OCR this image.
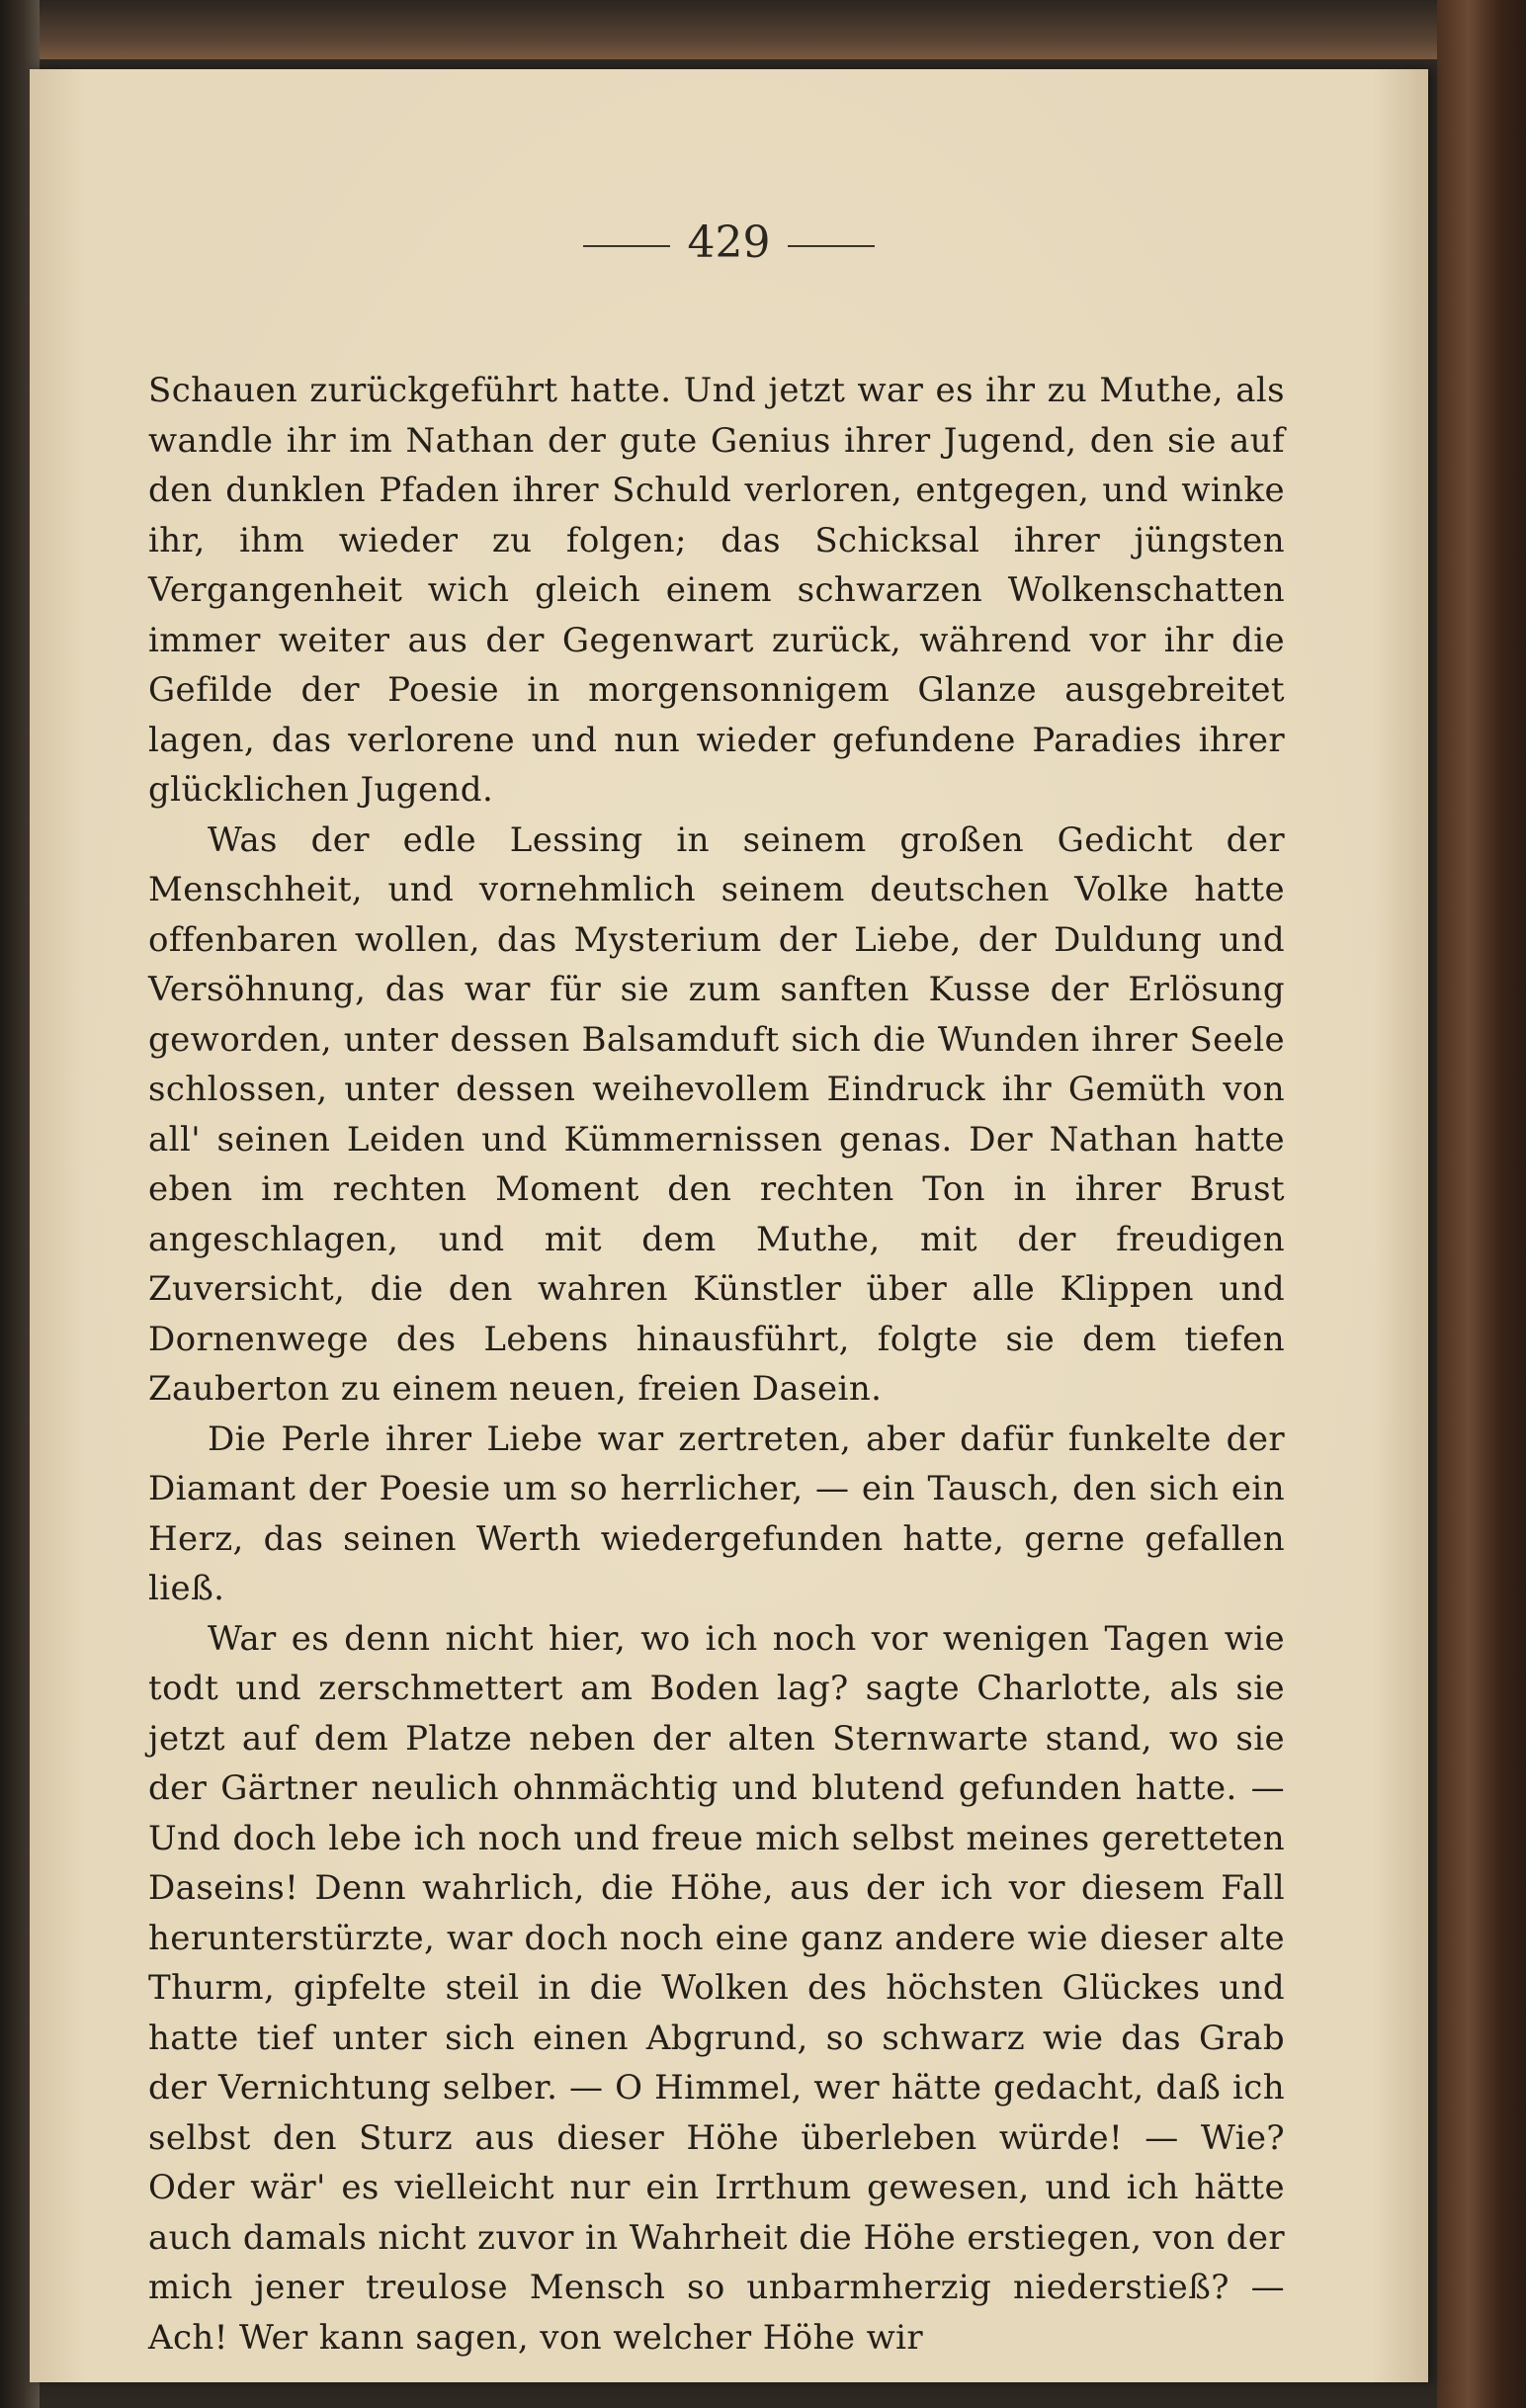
429

Schauen zurückgeführt hatte. Und jetzt war es ihr zu Muthe, als wandle ihr im Nathan der gute Genius ihrer Jugend, den sie auf den dunklen Pfaden ihrer Schuld verloren, entgegen, und winke ihr, ihm wieder zu folgen; das Schicksal ihrer jüngsten Vergangenheit wich gleich einem schwarzen Wolkenschatten immer weiter aus der Gegenwart zurück, während vor ihr die Gefilde der Poesie in morgensonnigem Glanze ausgebreitet lagen, das verlorene und nun wieder gefundene Paradies ihrer glücklichen Jugend.

Was der edle Lessing in seinem großen Gedicht der Menschheit, und vornehmlich seinem deutschen Volke hatte offenbaren wollen, das Mysterium der Liebe, der Duldung und Versöhnung, das war für sie zum sanften Kusse der Erlösung geworden, unter dessen Balsamduft sich die Wunden ihrer Seele schlossen, unter dessen weihevollem Eindruck ihr Gemüth von all' seinen Leiden und Kümmernissen genas. Der Nathan hatte eben im rechten Moment den rechten Ton in ihrer Brust angeschlagen, und mit dem Muthe, mit der freudigen Zuversicht, die den wahren Künstler über alle Klippen und Dornenwege des Lebens hinausführt, folgte sie dem tiefen Zauberton zu einem neuen, freien Dasein.

Die Perle ihrer Liebe war zertreten, aber dafür funkelte der Diamant der Poesie um so herrlicher, — ein Tausch, den sich ein Herz, das seinen Werth wiedergefunden hatte, gerne gefallen ließ.

War es denn nicht hier, wo ich noch vor wenigen Tagen wie todt und zerschmettert am Boden lag? sagte Charlotte, als sie jetzt auf dem Platze neben der alten Sternwarte stand, wo sie der Gärtner neulich ohnmächtig und blutend gefunden hatte. — Und doch lebe ich noch und freue mich selbst meines geretteten Daseins! Denn wahrlich, die Höhe, aus der ich vor diesem Fall herunterstürzte, war doch noch eine ganz andere wie dieser alte Thurm, gipfelte steil in die Wolken des höchsten Glückes und hatte tief unter sich einen Abgrund, so schwarz wie das Grab der Vernichtung selber. — O Himmel, wer hätte gedacht, daß ich selbst den Sturz aus dieser Höhe überleben würde! — Wie? Oder wär' es vielleicht nur ein Irrthum gewesen, und ich hätte auch damals nicht zuvor in Wahrheit die Höhe erstiegen, von der mich jener treulose Mensch so unbarmherzig niederstieß? — Ach! Wer kann sagen, von welcher Höhe wir
